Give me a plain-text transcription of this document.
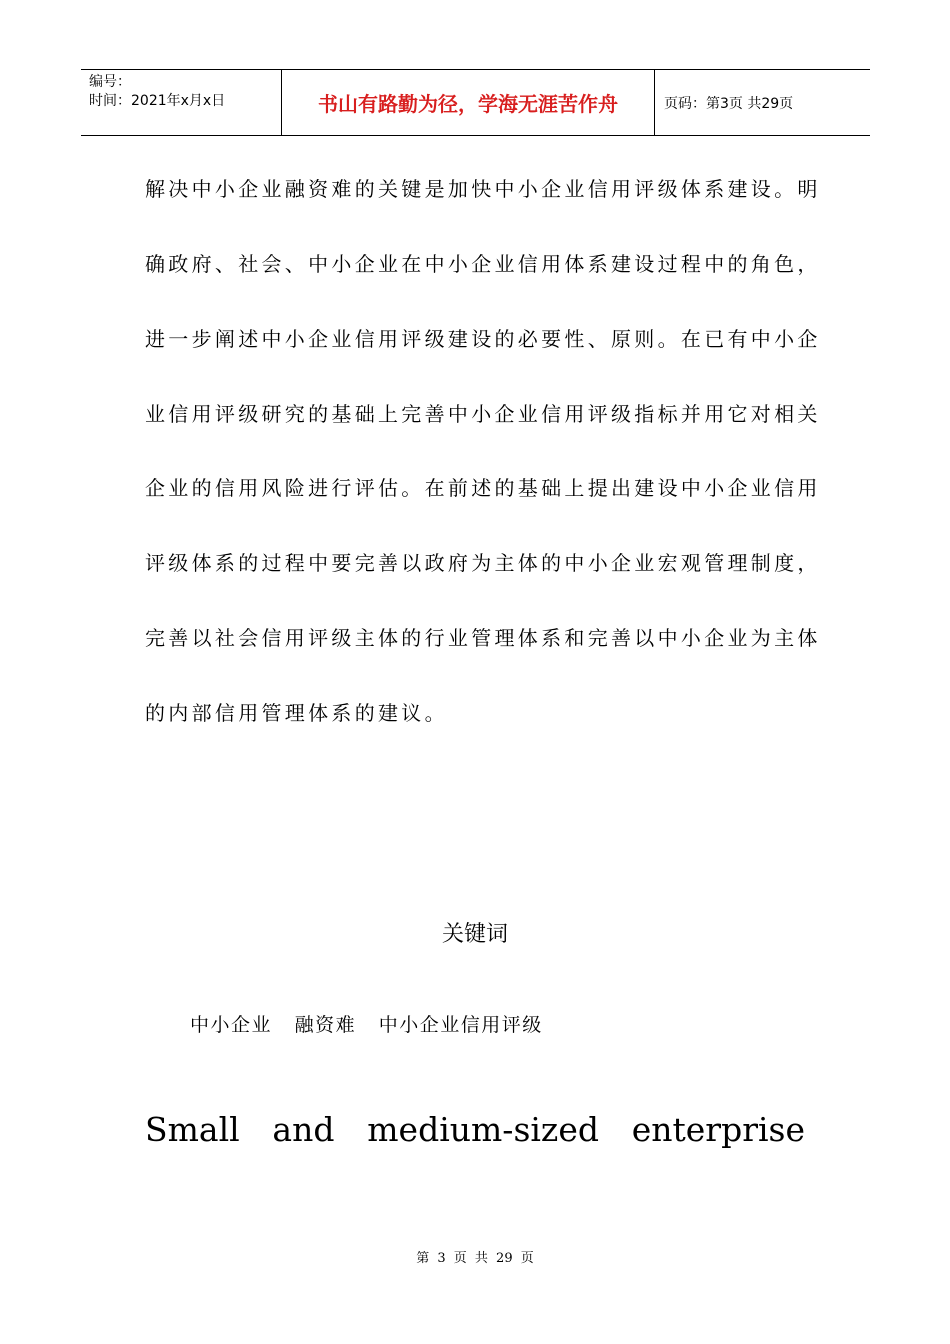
编号：
时间：2021年x月x日	书山有路勤为径，学海无涯苦作舟	页码：第3页 共29页
解决中小企业融资难的关键是加快中小企业信用评级体系建设。明
确政府、社会、中小企业在中小企业信用体系建设过程中的角色，
进一步阐述中小企业信用评级建设的必要性、原则。在已有中小企
业信用评级研究的基础上完善中小企业信用评级指标并用它对相关
企业的信用风险进行评估。在前述的基础上提出建设中小企业信用
评级体系的过程中要完善以政府为主体的中小企业宏观管理制度，
完善以社会信用评级主体的行业管理体系和完善以中小企业为主体
的内部信用管理体系的建议。
关键词
中小企业   融资难   中小企业信用评级
Small and medium-sized enterprise
第 3 页 共 29 页
